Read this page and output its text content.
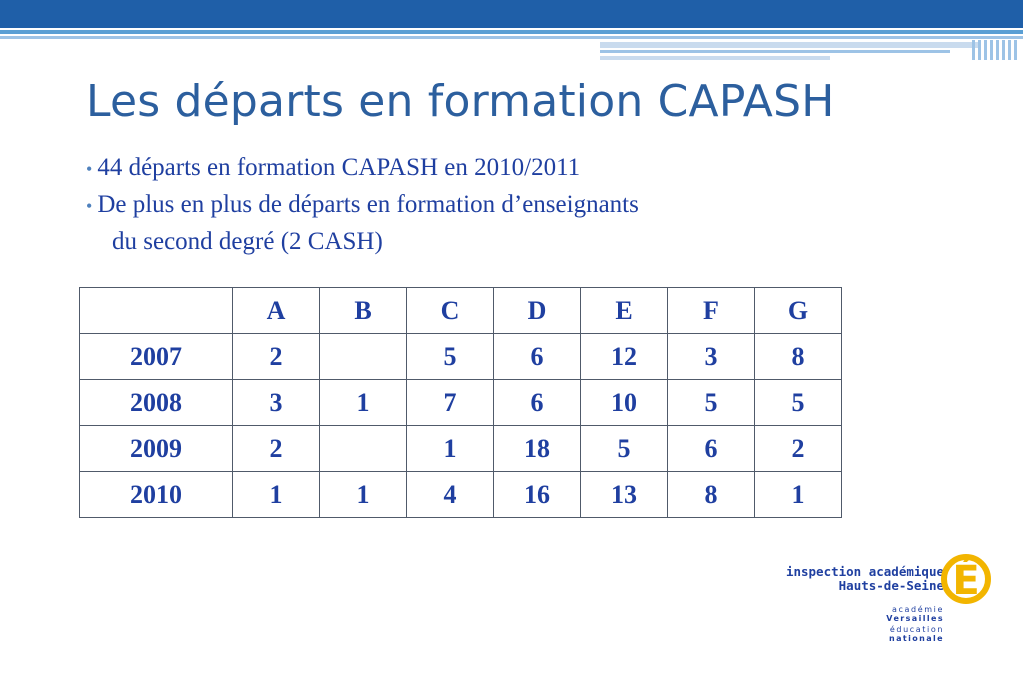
Les départs en formation CAPASH
• 44 départs en formation CAPASH en 2010/2011
• De plus en plus de départs en formation d’enseignants
du second degré (2 CASH)
	A	B	C	D	E	F	G
2007	2		5	6	12	3	8
2008	3	1	7	6	10	5	5
2009	2		1	18	5	6	2
2010	1	1	4	16	13	8	1
inspection académique
Hauts-de-Seine É
académie
Versailles
éducation
nationale
